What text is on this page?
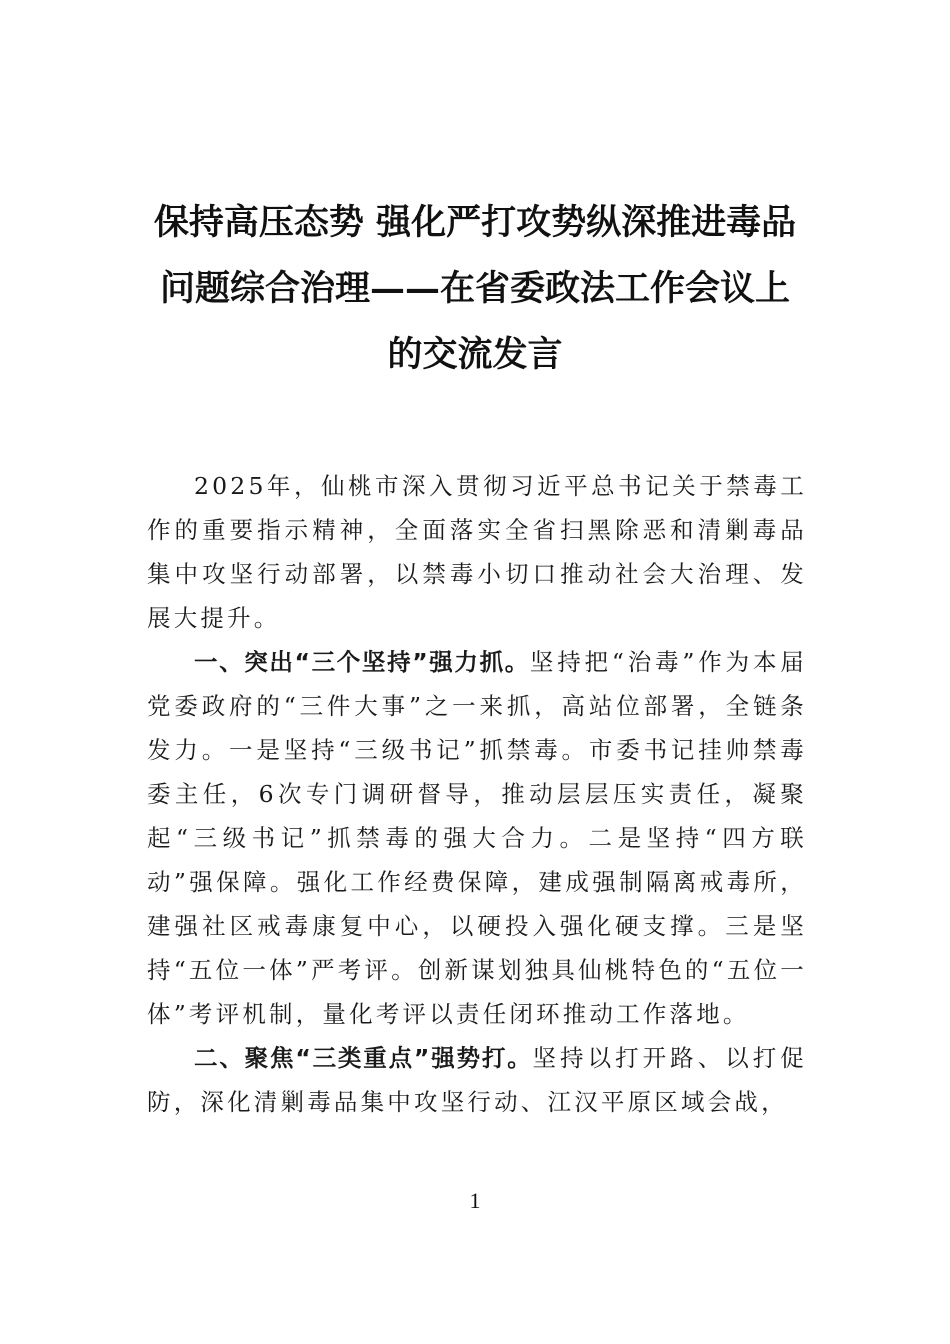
保持高压态势 强化严打攻势纵深推进毒品
问题综合治理——在省委政法工作会议上
的交流发言

2025年，仙桃市深入贯彻习近平总书记关于禁毒工作的重要指示精神，全面落实全省扫黑除恶和清剿毒品集中攻坚行动部署，以禁毒小切口推动社会大治理、发展大提升。

一、突出“三个坚持”强力抓。坚持把“治毒”作为本届党委政府的“三件大事”之一来抓，高站位部署，全链条发力。一是坚持“三级书记”抓禁毒。市委书记挂帅禁毒委主任，6次专门调研督导，推动层层压实责任，凝聚起“三级书记”抓禁毒的强大合力。二是坚持“四方联动”强保障。强化工作经费保障，建成强制隔离戒毒所，建强社区戒毒康复中心，以硬投入强化硬支撑。三是坚持“五位一体”严考评。创新谋划独具仙桃特色的“五位一体”考评机制，量化考评以责任闭环推动工作落地。

二、聚焦“三类重点”强势打。坚持以打开路、以打促防，深化清剿毒品集中攻坚行动、江汉平原区域会战，

1
